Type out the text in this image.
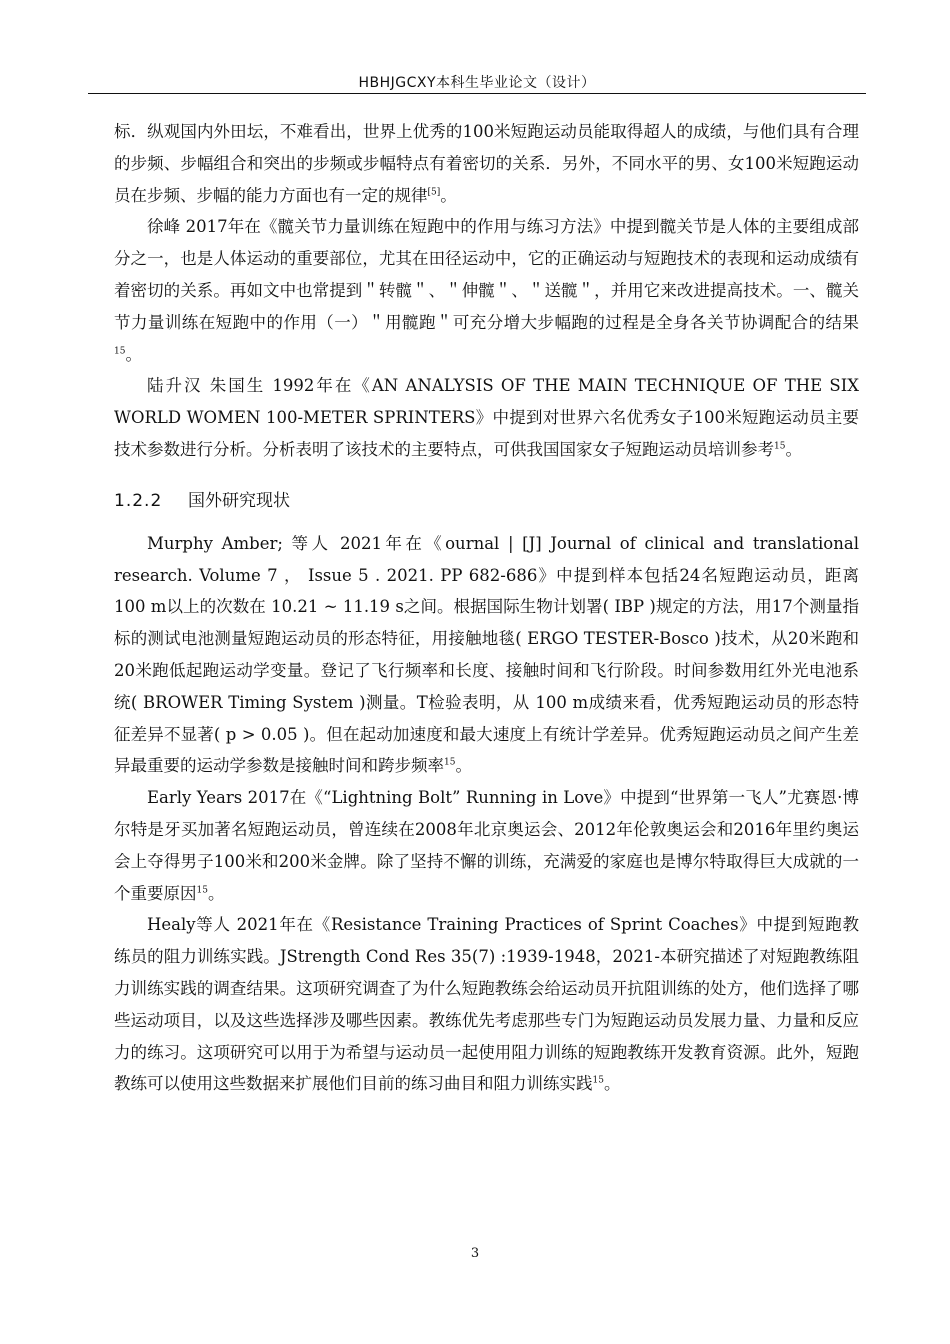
HBHJGCXY本科生毕业论文（设计）

标．纵观国内外田坛，不难看出，世界上优秀的100米短跑运动员能取得超人的成绩，与他们具有合理的步频、步幅组合和突出的步频或步幅特点有着密切的关系．另外，不同水平的男、女100米短跑运动员在步频、步幅的能力方面也有一定的规律[5]。

徐峰 2017年在《髋关节力量训练在短跑中的作用与练习方法》中提到髋关节是人体的主要组成部分之一，也是人体运动的重要部位，尤其在田径运动中，它的正确运动与短跑技术的表现和运动成绩有着密切的关系。再如文中也常提到＂转髋＂、＂伸髋＂、＂送髋＂，并用它来改进提高技术。一、髋关节力量训练在短跑中的作用（一）＂用髋跑＂可充分增大步幅跑的过程是全身各关节协调配合的结果$^{15}$。

陆升汉 朱国生 1992年在《AN ANALYSIS OF THE MAIN TECHNIQUE OF THE SIX WORLD WOMEN 100-METER SPRINTERS》中提到对世界六名优秀女子100米短跑运动员主要技术参数进行分析。分析表明了该技术的主要特点，可供我国国家女子短跑运动员培训参考$^{15}$。

1.2.2 国外研究现状

Murphy Amber; 等人 2021年在《ournal | [J] Journal of clinical and translational research. Volume 7 ， Issue 5 . 2021. PP 682-686》中提到样本包括24名短跑运动员，距离 100 m以上的次数在 10.21 ~ 11.19 s之间。根据国际生物计划署( IBP )规定的方法，用17个测量指标的测试电池测量短跑运动员的形态特征，用接触地毯( ERGO TESTER-Bosco )技术，从20米跑和20米跑低起跑运动学变量。登记了飞行频率和长度、接触时间和飞行阶段。时间参数用红外光电池系统( BROWER Timing System )测量。T检验表明，从 100 m成绩来看，优秀短跑运动员的形态特征差异不显著( p > 0.05 )。但在起动加速度和最大速度上有统计学差异。优秀短跑运动员之间产生差异最重要的运动学参数是接触时间和跨步频率$^{15}$。

Early Years 2017在《“Lightning Bolt” Running in Love》中提到“世界第一飞人”尤赛恩·博尔特是牙买加著名短跑运动员，曾连续在2008年北京奥运会、2012年伦敦奥运会和2016年里约奥运会上夺得男子100米和200米金牌。除了坚持不懈的训练，充满爱的家庭也是博尔特取得巨大成就的一个重要原因$^{15}$。

Healy等人 2021年在《Resistance Training Practices of Sprint Coaches》中提到短跑教练员的阻力训练实践。JStrength Cond Res 35(7) :1939-1948，2021-本研究描述了对短跑教练阻力训练实践的调查结果。这项研究调查了为什么短跑教练会给运动员开抗阻训练的处方，他们选择了哪些运动项目，以及这些选择涉及哪些因素。教练优先考虑那些专门为短跑运动员发展力量、力量和反应力的练习。这项研究可以用于为希望与运动员一起使用阻力训练的短跑教练开发教育资源。此外，短跑教练可以使用这些数据来扩展他们目前的练习曲目和阻力训练实践$^{15}$。

3
